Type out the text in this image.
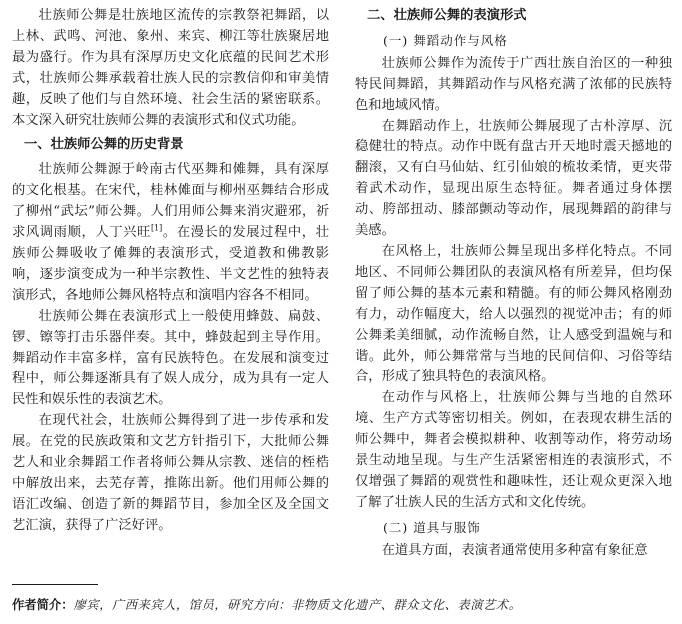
壮族师公舞是壮族地区流传的宗教祭祀舞蹈，以上林、武鸣、河池、象州、来宾、柳江等壮族聚居地最为盛行。作为具有深厚历史文化底蕴的民间艺术形式，壮族师公舞承载着壮族人民的宗教信仰和审美情趣，反映了他们与自然环境、社会生活的紧密联系。本文深入研究壮族师公舞的表演形式和仪式功能。

一、壮族师公舞的历史背景

壮族师公舞源于岭南古代巫舞和傩舞，具有深厚的文化根基。在宋代，桂林傩面与柳州巫舞结合形成了柳州“武坛”师公舞。人们用师公舞来消灾避邪，祈求风调雨顺，人丁兴旺[1]。在漫长的发展过程中，壮族师公舞吸收了傩舞的表演形式，受道教和佛教影响，逐步演变成为一种半宗教性、半文艺性的独特表演形式，各地师公舞风格特点和演唱内容各不相同。

壮族师公舞在表演形式上一般使用蜂鼓、扁鼓、锣、镲等打击乐器伴奏。其中，蜂鼓起到主导作用。舞蹈动作丰富多样，富有民族特色。在发展和演变过程中，师公舞逐渐具有了娱人成分，成为具有一定人民性和娱乐性的表演艺术。

在现代社会，壮族师公舞得到了进一步传承和发展。在党的民族政策和文艺方针指引下，大批师公舞艺人和业余舞蹈工作者将师公舞从宗教、迷信的桎梏中解放出来，去芜存菁，推陈出新。他们用师公舞的语汇改编、创造了新的舞蹈节目，参加全区及全国文艺汇演，获得了广泛好评。

二、壮族师公舞的表演形式
(一) 舞蹈动作与风格

壮族师公舞作为流传于广西壮族自治区的一种独特民间舞蹈，其舞蹈动作与风格充满了浓郁的民族特色和地域风情。

在舞蹈动作上，壮族师公舞展现了古朴淳厚、沉稳健壮的特点。动作中既有盘古开天地时震天撼地的翻滚，又有白马仙姑、红引仙娘的梳妆柔情，更夹带着武术动作，显现出原生态特征。舞者通过身体摆动、胯部扭动、膝部颤动等动作，展现舞蹈的韵律与美感。

在风格上，壮族师公舞呈现出多样化特点。不同地区、不同师公舞团队的表演风格有所差异，但均保留了师公舞的基本元素和精髓。有的师公舞风格刚劲有力，动作幅度大，给人以强烈的视觉冲击；有的师公舞柔美细腻，动作流畅自然，让人感受到温婉与和谐。此外，师公舞常常与当地的民间信仰、习俗等结合，形成了独具特色的表演风格。

在动作与风格上，壮族师公舞与当地的自然环境、生产方式等密切相关。例如，在表现农耕生活的师公舞中，舞者会模拟耕种、收割等动作，将劳动场景生动地呈现。与生产生活紧密相连的表演形式，不仅增强了舞蹈的观赏性和趣味性，还让观众更深入地了解了壮族人民的生活方式和文化传统。

(二) 道具与服饰

在道具方面，表演者通常使用多种富有象征意

作者简介：廖宾，广西来宾人，馆员，研究方向：非物质文化遗产、群众文化、表演艺术。
